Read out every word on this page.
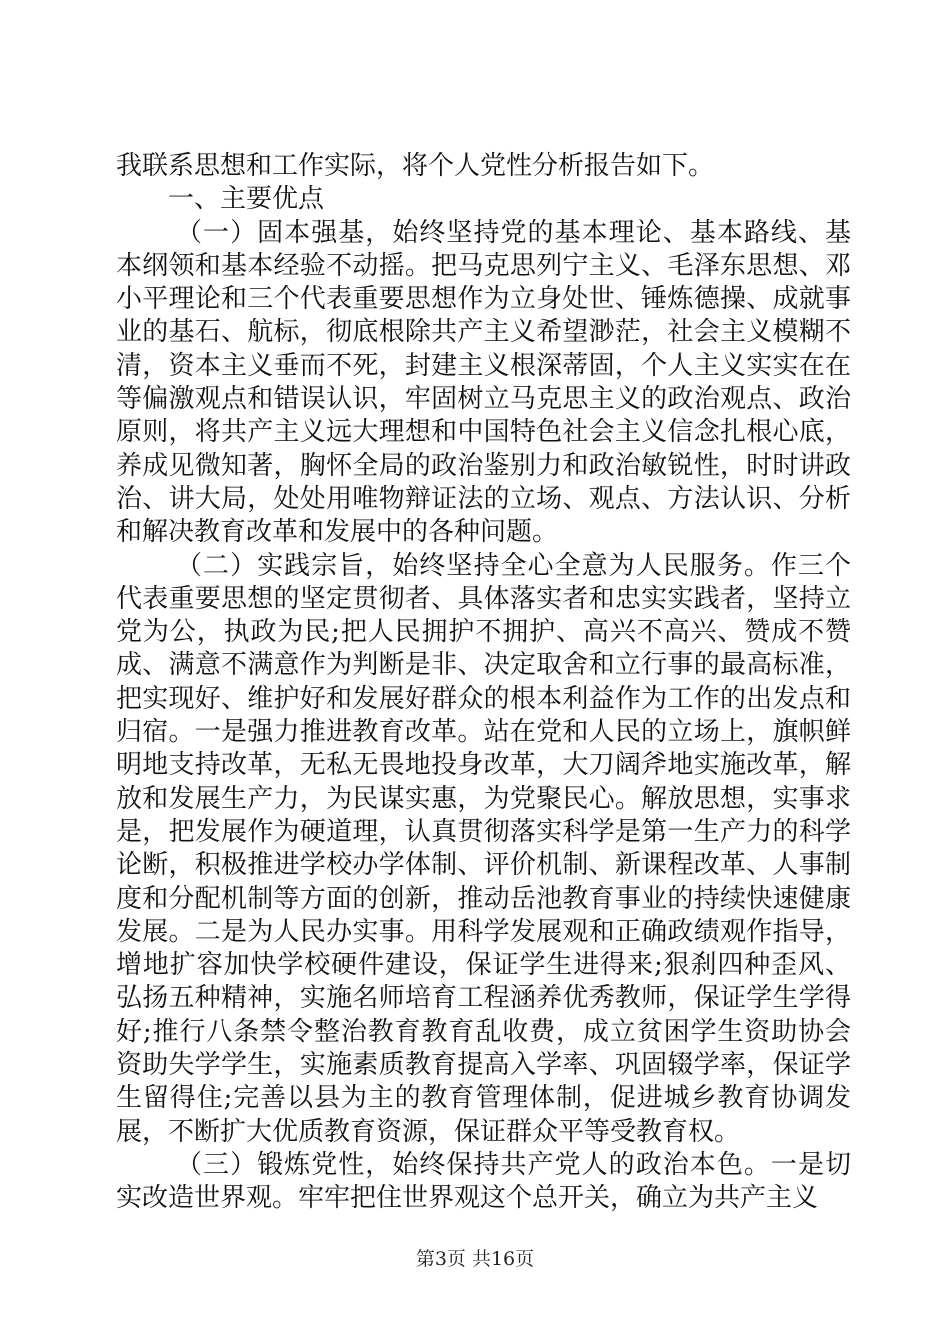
我联系思想和工作实际，将个人党性分析报告如下。

一、主要优点

（一）固本强基，始终坚持党的基本理论、基本路线、基本纲领和基本经验不动摇。把马克思列宁主义、毛泽东思想、邓小平理论和三个代表重要思想作为立身处世、锤炼德操、成就事业的基石、航标，彻底根除共产主义希望渺茫，社会主义模糊不清，资本主义垂而不死，封建主义根深蒂固，个人主义实实在在等偏激观点和错误认识，牢固树立马克思主义的政治观点、政治原则，将共产主义远大理想和中国特色社会主义信念扎根心底，养成见微知著，胸怀全局的政治鉴别力和政治敏锐性，时时讲政治、讲大局，处处用唯物辩证法的立场、观点、方法认识、分析和解决教育改革和发展中的各种问题。

（二）实践宗旨，始终坚持全心全意为人民服务。作三个代表重要思想的坚定贯彻者、具体落实者和忠实实践者，坚持立党为公，执政为民;把人民拥护不拥护、高兴不高兴、赞成不赞成、满意不满意作为判断是非、决定取舍和立行事的最高标准，把实现好、维护好和发展好群众的根本利益作为工作的出发点和归宿。一是强力推进教育改革。站在党和人民的立场上，旗帜鲜明地支持改革，无私无畏地投身改革，大刀阔斧地实施改革，解放和发展生产力，为民谋实惠，为党聚民心。解放思想，实事求是，把发展作为硬道理，认真贯彻落实科学是第一生产力的科学论断，积极推进学校办学体制、评价机制、新课程改革、人事制度和分配机制等方面的创新，推动岳池教育事业的持续快速健康发展。二是为人民办实事。用科学发展观和正确政绩观作指导，增地扩容加快学校硬件建设，保证学生进得来;狠刹四种歪风、弘扬五种精神，实施名师培育工程涵养优秀教师，保证学生学得好;推行八条禁令整治教育教育乱收费，成立贫困学生资助协会资助失学学生，实施素质教育提高入学率、巩固辍学率，保证学生留得住;完善以县为主的教育管理体制，促进城乡教育协调发展，不断扩大优质教育资源，保证群众平等受教育权。

（三）锻炼党性，始终保持共产党人的政治本色。一是切实改造世界观。牢牢把住世界观这个总开关，确立为共产主义

第3页 共16页
